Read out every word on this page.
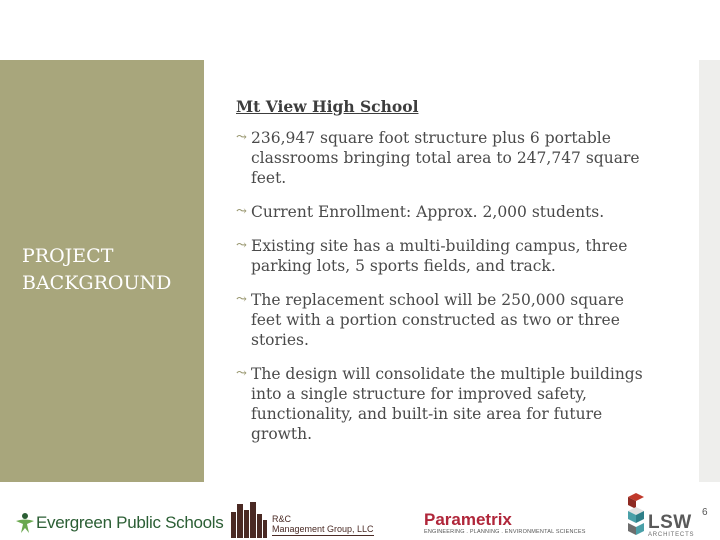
PROJECT
BACKGROUND
Mt View High School
⤳ 236,947 square foot structure plus 6 portable classrooms bringing total area to 247,747 square feet.
⤳ Current Enrollment: Approx. 2,000 students.
⤳ Existing site has a multi-building campus, three parking lots, 5 sports fields, and track.
⤳ The replacement school will be 250,000 square feet with a portion constructed as two or three stories.
⤳ The design will consolidate the multiple buildings into a single structure for improved safety, functionality, and built-in site area for future growth.
6
Evergreen Public Schools	R&C
Management Group, LLC	Parametrix
ENGINEERING . PLANNING . ENVIRONMENTAL SCIENCES	LSW
ARCHITECTS
